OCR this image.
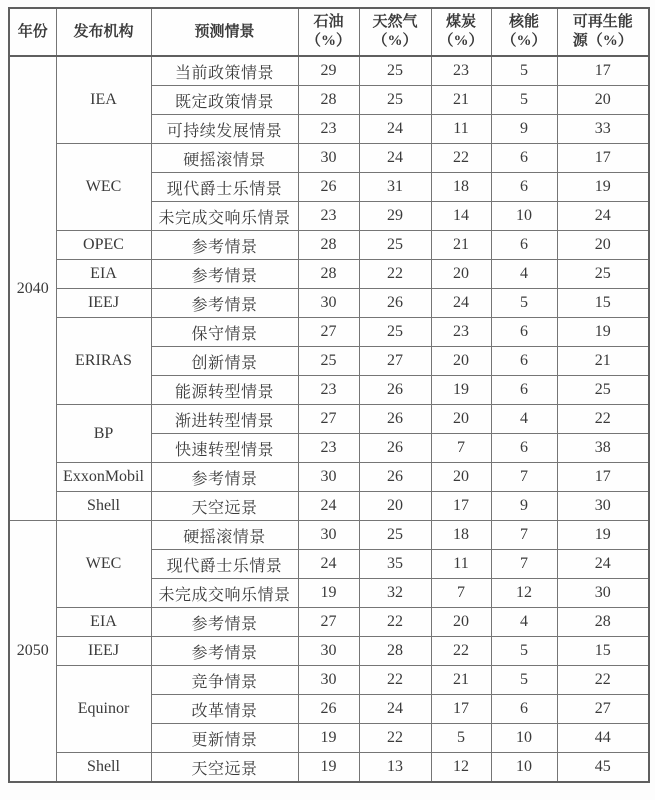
年份	发布机构	预测情景	石油（%）	天然气（%）	煤炭（%）	核能（%）	可再生能源（%）
2040	IEA	当前政策情景	29	25	23	5	17
		既定政策情景	28	25	21	5	20
		可持续发展情景	23	24	11	9	33
	WEC	硬摇滚情景	30	24	22	6	17
		现代爵士乐情景	26	31	18	6	19
		未完成交响乐情景	23	29	14	10	24
	OPEC	参考情景	28	25	21	6	20
	EIA	参考情景	28	22	20	4	25
	IEEJ	参考情景	30	26	24	5	15
	ERIRAS	保守情景	27	25	23	6	19
		创新情景	25	27	20	6	21
		能源转型情景	23	26	19	6	25
	BP	渐进转型情景	27	26	20	4	22
		快速转型情景	23	26	7	6	38
	ExxonMobil	参考情景	30	26	20	7	17
	Shell	天空远景	24	20	17	9	30
2050	WEC	硬摇滚情景	30	25	18	7	19
		现代爵士乐情景	24	35	11	7	24
		未完成交响乐情景	19	32	7	12	30
	EIA	参考情景	27	22	20	4	28
	IEEJ	参考情景	30	28	22	5	15
	Equinor	竞争情景	30	22	21	5	22
		改革情景	26	24	17	6	27
		更新情景	19	22	5	10	44
	Shell	天空远景	19	13	12	10	45
